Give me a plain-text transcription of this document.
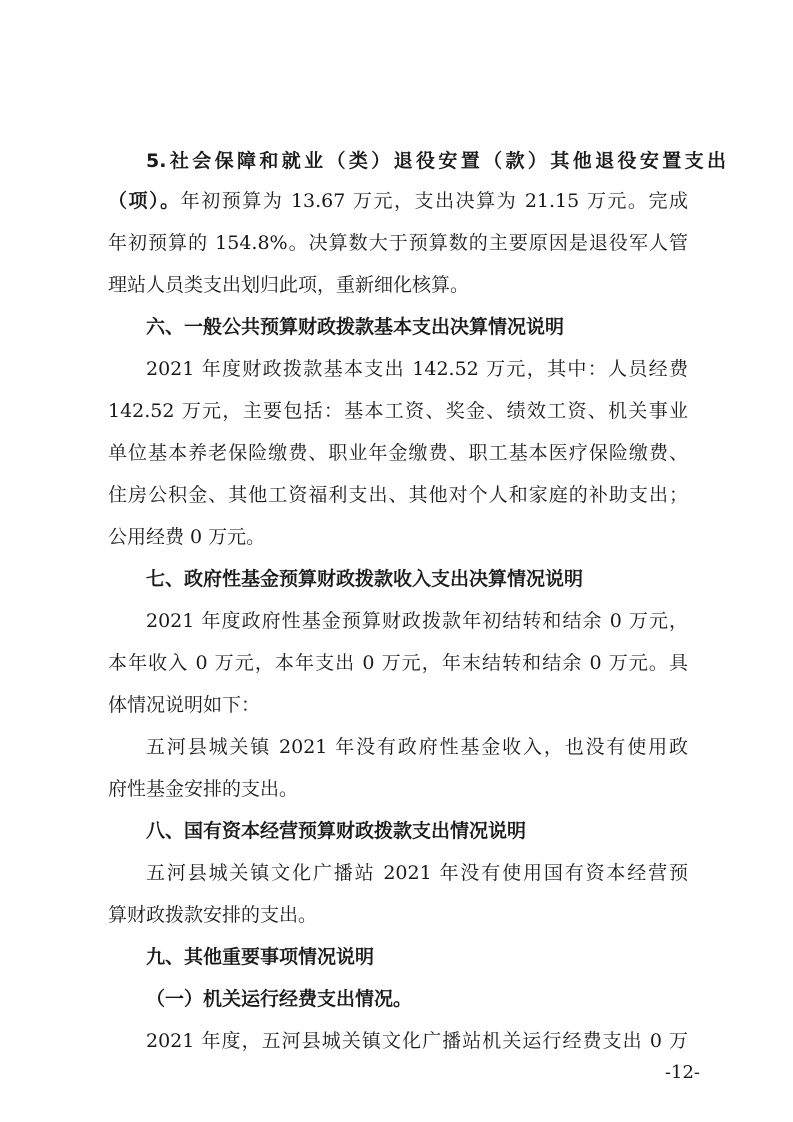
5.社会保障和就业（类）退役安置（款）其他退役安置支出
（项）。年初预算为 13.67 万元，支出决算为 21.15 万元。完成
年初预算的 154.8%。决算数大于预算数的主要原因是退役军人管
理站人员类支出划归此项，重新细化核算。
六、一般公共预算财政拨款基本支出决算情况说明
2021 年度财政拨款基本支出 142.52 万元，其中：人员经费
142.52 万元，主要包括：基本工资、奖金、绩效工资、机关事业
单位基本养老保险缴费、职业年金缴费、职工基本医疗保险缴费、
住房公积金、其他工资福利支出、其他对个人和家庭的补助支出；
公用经费 0 万元。
七、政府性基金预算财政拨款收入支出决算情况说明
2021 年度政府性基金预算财政拨款年初结转和结余 0 万元，
本年收入 0 万元，本年支出 0 万元，年末结转和结余 0 万元。具
体情况说明如下：
五河县城关镇 2021 年没有政府性基金收入，也没有使用政
府性基金安排的支出。
八、国有资本经营预算财政拨款支出情况说明
五河县城关镇文化广播站 2021 年没有使用国有资本经营预
算财政拨款安排的支出。
九、其他重要事项情况说明
（一）机关运行经费支出情况。
2021 年度，五河县城关镇文化广播站机关运行经费支出 0 万
-12-
